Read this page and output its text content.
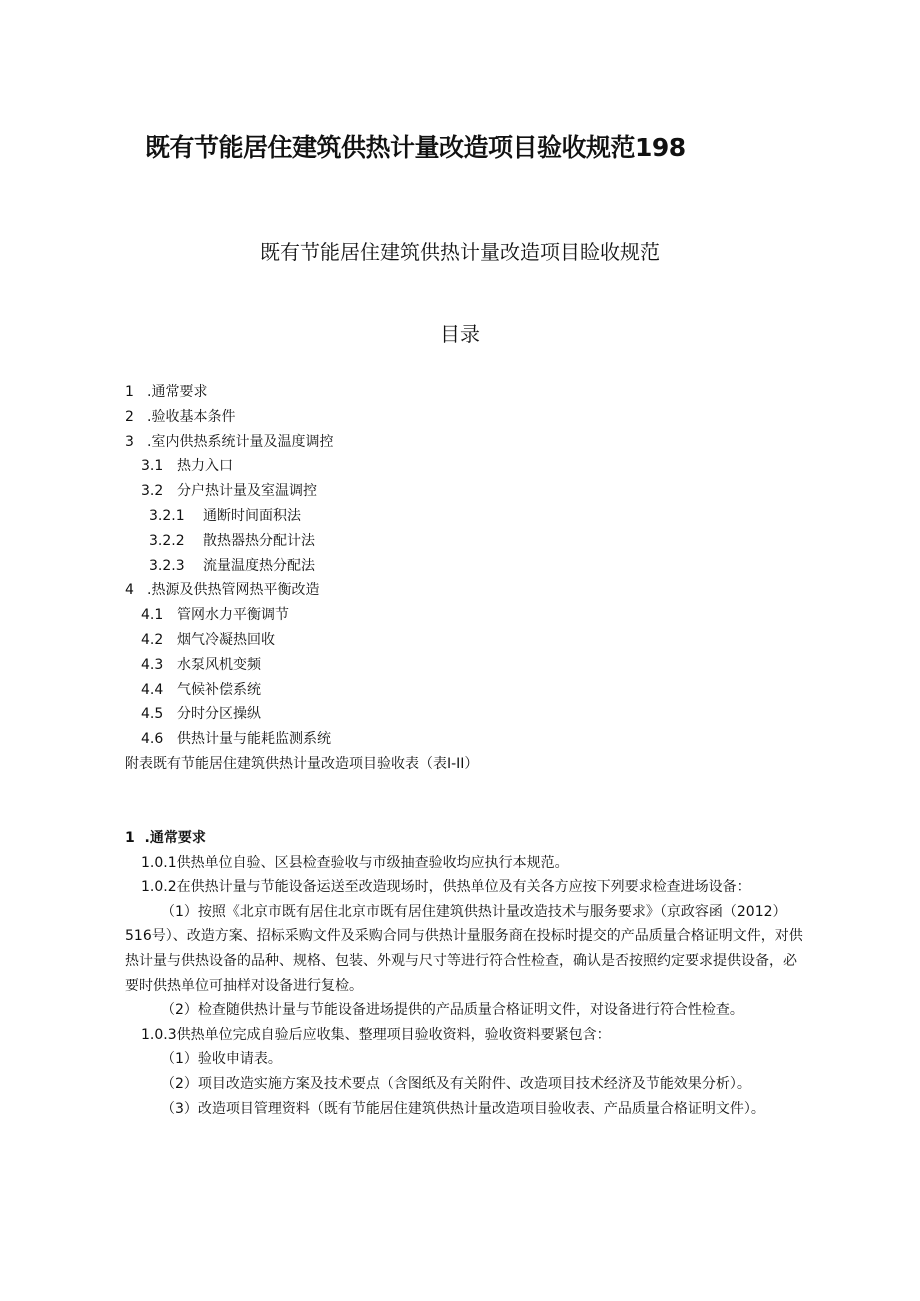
既有节能居住建筑供热计量改造项目验收规范198
既有节能居住建筑供热计量改造项目睑收规范
目录
1 .通常要求
2 .验收基本条件
3 .室内供热系统计量及温度调控
3.1 热力入口
3.2 分户热计量及室温调控
3.2.1 通断时间面积法
3.2.2 散热器热分配计法
3.2.3 流量温度热分配法
4 .热源及供热管网热平衡改造
4.1 管网水力平衡调节
4.2 烟气冷凝热回收
4.3 水泵风机变频
4.4 气候补偿系统
4.5 分时分区操纵
4.6 供热计量与能耗监测系统
附表既有节能居住建筑供热计量改造项目验收表（表I-II）

1 .通常要求

1.0.1供热单位自验、区县检查验收与市级抽查验收均应执行本规范。

1.0.2在供热计量与节能设备运送至改造现场时，供热单位及有关各方应按下列要求检查进场设备：

（1）按照《北京市既有居住北京市既有居住建筑供热计量改造技术与服务要求》（京政容函（2012）516号）、改造方案、招标采购文件及采购合同与供热计量服务商在投标时提交的产品质量合格证明文件，对供热计量与供热设备的品种、规格、包装、外观与尺寸等进行符合性检查，确认是否按照约定要求提供设备，必要时供热单位可抽样对设备进行复检。

（2）检查随供热计量与节能设备进场提供的产品质量合格证明文件，对设备进行符合性检查。

1.0.3供热单位完成自验后应收集、整理项目验收资料，验收资料要紧包含：

（1）验收申请表。

（2）项目改造实施方案及技术要点（含图纸及有关附件、改造项目技术经济及节能效果分析）。

（3）改造项目管理资料（既有节能居住建筑供热计量改造项目验收表、产品质量合格证明文件）。
